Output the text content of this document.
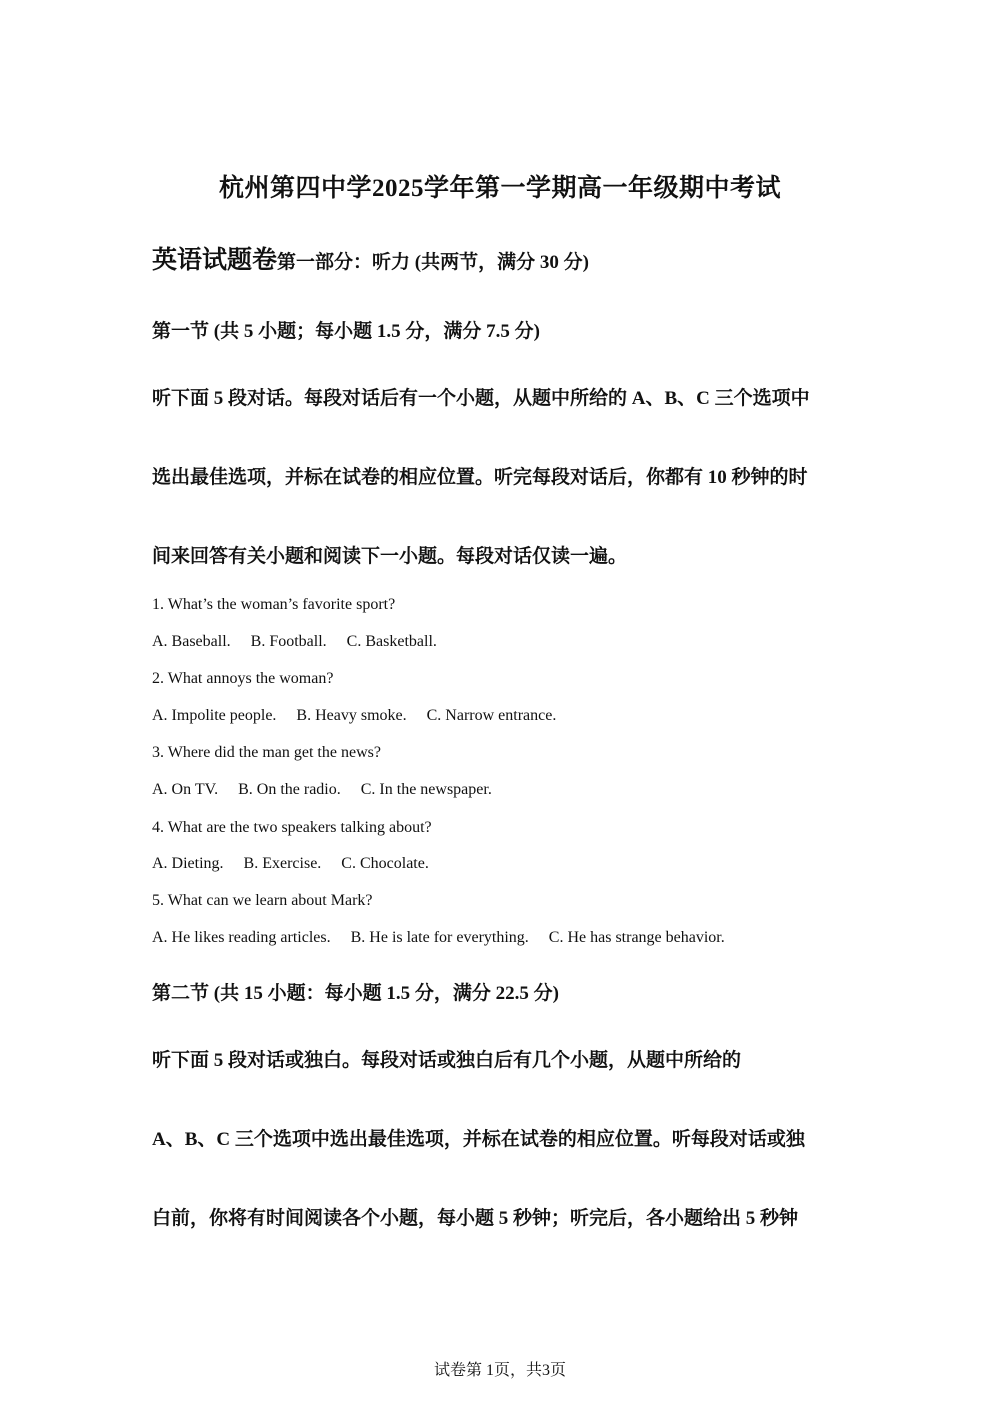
杭州第四中学2025学年第一学期高一年级期中考试
英语试题卷第一部分：听力 (共两节，满分 30 分)
第一节 (共 5 小题；每小题 1.5 分，满分 7.5 分)
听下面 5 段对话。每段对话后有一个小题，从题中所给的 A、B、C 三个选项中
选出最佳选项，并标在试卷的相应位置。听完每段对话后，你都有 10 秒钟的时
间来回答有关小题和阅读下一小题。每段对话仅读一遍。
1. What’s the woman’s favorite sport?
A. Baseball. B. Football. C. Basketball.
2. What annoys the woman?
A. Impolite people. B. Heavy smoke. C. Narrow entrance.
3. Where did the man get the news?
A. On TV. B. On the radio. C. In the newspaper.
4. What are the two speakers talking about?
A. Dieting. B. Exercise. C. Chocolate.
5. What can we learn about Mark?
A. He likes reading articles. B. He is late for everything. C. He has strange behavior.
第二节 (共 15 小题：每小题 1.5 分，满分 22.5 分)
听下面 5 段对话或独白。每段对话或独白后有几个小题，从题中所给的
A、B、C 三个选项中选出最佳选项，并标在试卷的相应位置。听每段对话或独
白前，你将有时间阅读各个小题，每小题 5 秒钟；听完后，各小题给出 5 秒钟
试卷第 1页，共3页
